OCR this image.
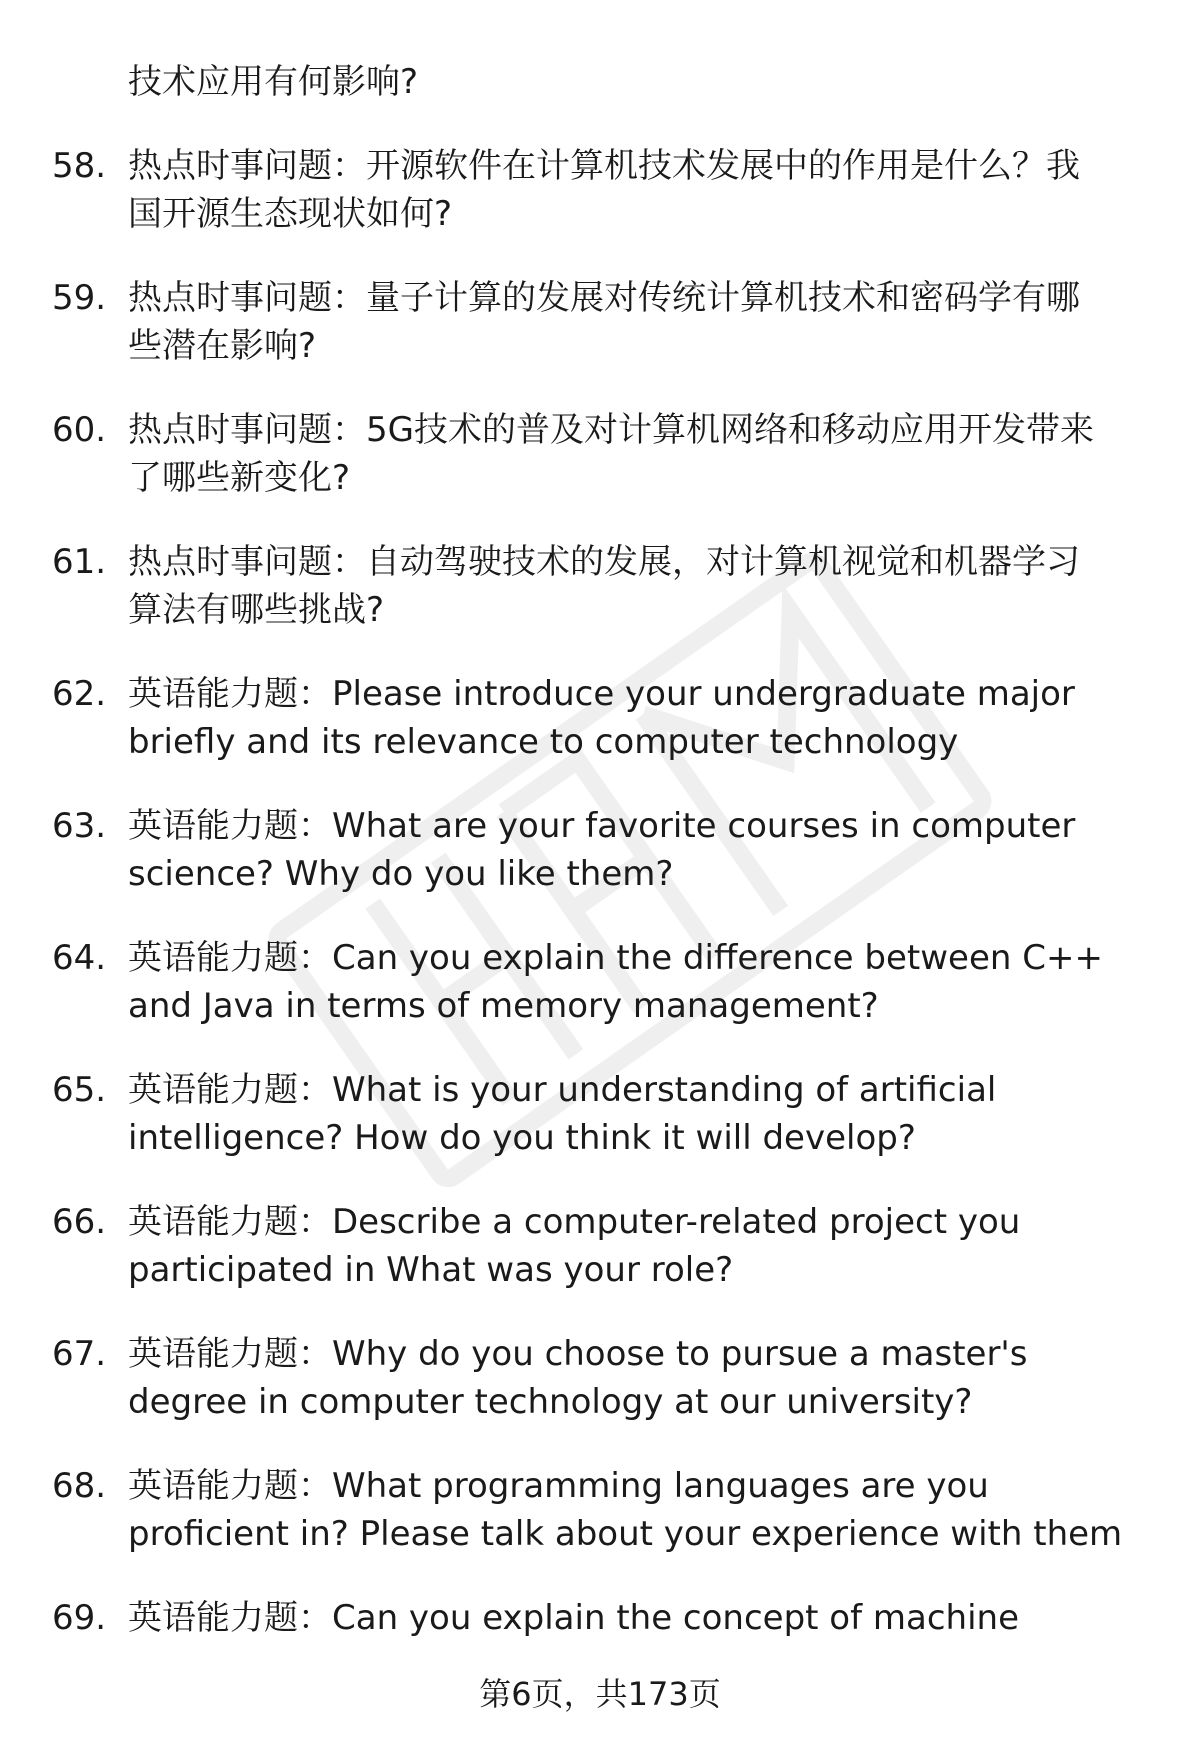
技术应用有何影响?
58. 热点时事问题：开源软件在计算机技术发展中的作用是什么？我
国开源生态现状如何?
59. 热点时事问题：量子计算的发展对传统计算机技术和密码学有哪
些潜在影响?
60. 热点时事问题：5G技术的普及对计算机网络和移动应用开发带来
了哪些新变化?
61. 热点时事问题：自动驾驶技术的发展，对计算机视觉和机器学习
算法有哪些挑战?
62. 英语能力题：Please introduce your undergraduate major
briefly and its relevance to computer technology
63. 英语能力题：What are your favorite courses in computer
science? Why do you like them?
64. 英语能力题：Can you explain the difference between C++
and Java in terms of memory management?
65. 英语能力题：What is your understanding of artificial
intelligence? How do you think it will develop?
66. 英语能力题：Describe a computer-related project you
participated in What was your role?
67. 英语能力题：Why do you choose to pursue a master's
degree in computer technology at our university?
68. 英语能力题：What programming languages are you
proficient in? Please talk about your experience with them
69. 英语能力题：Can you explain the concept of machine
第6页，共173页
